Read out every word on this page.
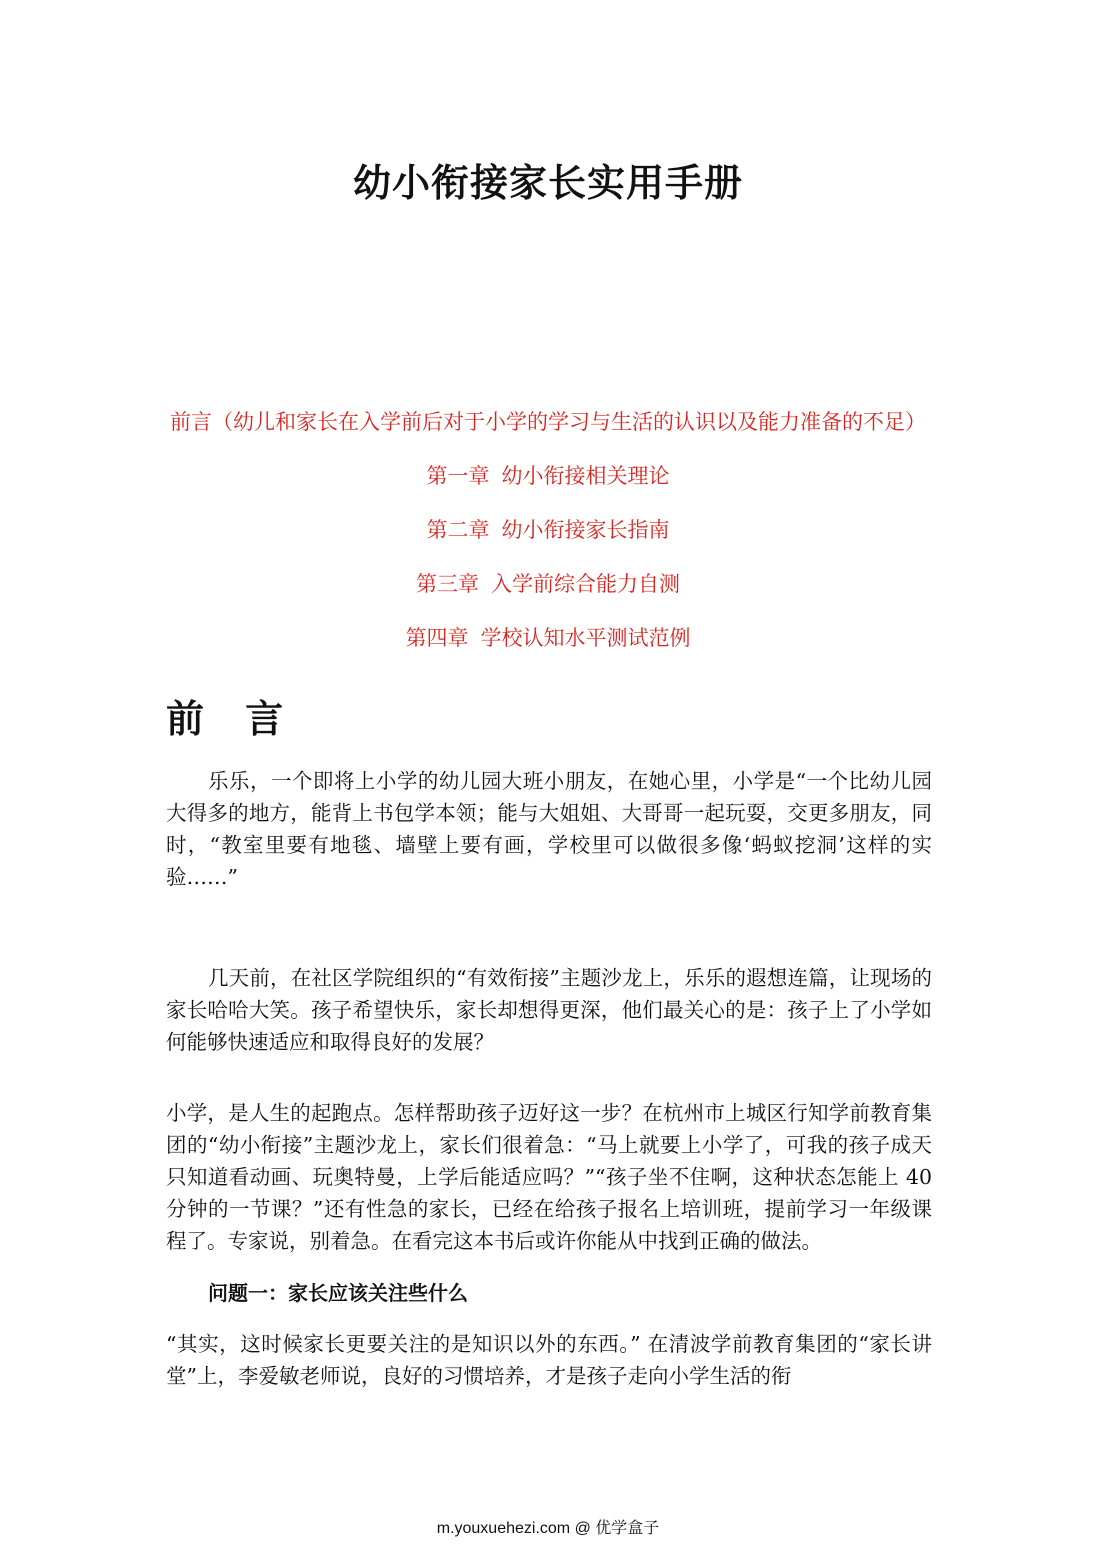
幼小衔接家长实用手册
前言（幼儿和家长在入学前后对于小学的学习与生活的认识以及能力准备的不足）
第一章 幼小衔接相关理论
第二章 幼小衔接家长指南
第三章 入学前综合能力自测
第四章 学校认知水平测试范例
前 言

乐乐，一个即将上小学的幼儿园大班小朋友，在她心里，小学是“一个比幼儿园大得多的地方，能背上书包学本领；能与大姐姐、大哥哥一起玩耍，交更多朋友，同时，“教室里要有地毯、墙壁上要有画，学校里可以做很多像‘蚂蚁挖洞’这样的实验……”

几天前，在社区学院组织的“有效衔接”主题沙龙上，乐乐的遐想连篇，让现场的家长哈哈大笑。孩子希望快乐，家长却想得更深，他们最关心的是：孩子上了小学如何能够快速适应和取得良好的发展？

小学，是人生的起跑点。怎样帮助孩子迈好这一步？在杭州市上城区行知学前教育集团的“幼小衔接”主题沙龙上，家长们很着急：“马上就要上小学了，可我的孩子成天只知道看动画、玩奥特曼，上学后能适应吗？”“孩子坐不住啊，这种状态怎能上 40 分钟的一节课？”还有性急的家长，已经在给孩子报名上培训班，提前学习一年级课程了。专家说，别着急。在看完这本书后或许你能从中找到正确的做法。

问题一：家长应该关注些什么

“其实，这时候家长更要关注的是知识以外的东西。” 在清波学前教育集团的“家长讲堂”上，李爱敏老师说，良好的习惯培养，才是孩子走向小学生活的衔

m.youxuehezi.com @ 优学盒子
